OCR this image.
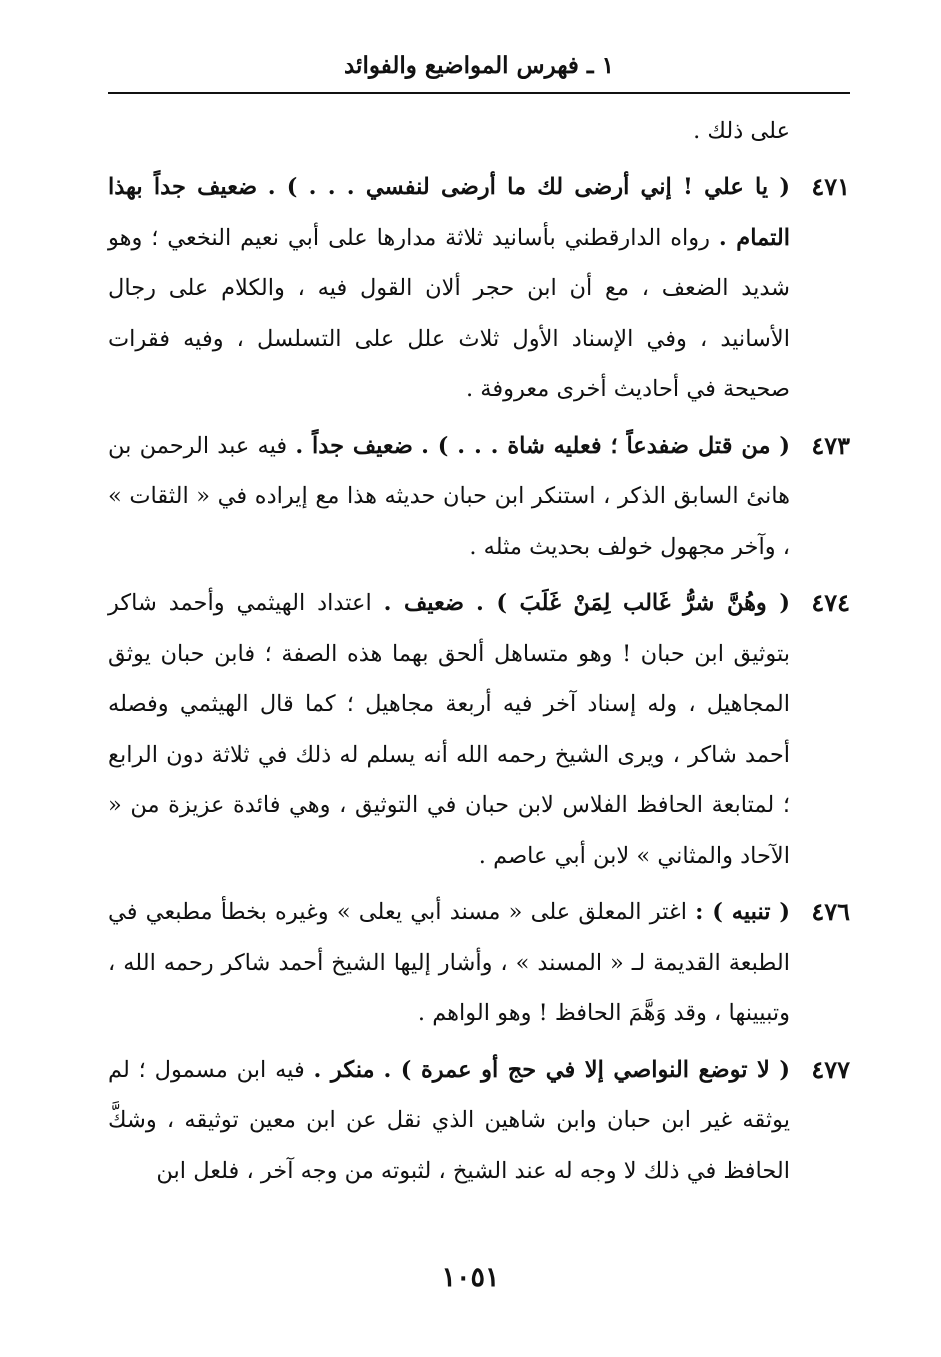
١ ـ فهرس المواضيع والفوائد
على ذلك .
٤٧١
( يا علي ! إني أرضى لك ما أرضى لنفسي . . . ) . ضعيف جداً بهذا التمام . رواه الدارقطني بأسانيد ثلاثة مدارها على أبي نعيم النخعي ؛ وهو شديد الضعف ، مع أن ابن حجر ألان القول فيه ، والكلام على رجال الأسانيد ، وفي الإسناد الأول ثلاث علل على التسلسل ، وفيه فقرات صحيحة في أحاديث أخرى معروفة .
٤٧٣
( من قتل ضفدعاً ؛ فعليه شاة . . . ) . ضعيف جداً . فيه عبد الرحمن بن هانئ السابق الذكر ، استنكر ابن حبان حديثه هذا مع إيراده في « الثقات » ، وآخر مجهول خولف بحديث مثله .
٤٧٤
( وهُنَّ شرُّ غَالب لِمَنْ غَلَبَ ) . ضعيف . اعتداد الهيثمي وأحمد شاكر بتوثيق ابن حبان ! وهو متساهل ألحق بهما هذه الصفة ؛ فابن حبان يوثق المجاهيل ، وله إسناد آخر فيه أربعة مجاهيل ؛ كما قال الهيثمي وفصله أحمد شاكر ، ويرى الشيخ رحمه الله أنه يسلم له ذلك في ثلاثة دون الرابع ؛ لمتابعة الحافظ الفلاس لابن حبان في التوثيق ، وهي فائدة عزيزة من « الآحاد والمثاني » لابن أبي عاصم .
٤٧٦
( تنبيه ) : اغتر المعلق على « مسند أبي يعلى » وغيره بخطأ مطبعي في الطبعة القديمة لـ « المسند » ، وأشار إليها الشيخ أحمد شاكر رحمه الله ، وتبيينها ، وقد وَهَّمَ الحافظ ! وهو الواهم .
٤٧٧
( لا توضع النواصي إلا في حج أو عمرة ) . منكر . فيه ابن مسمول ؛ لم يوثقه غير ابن حبان وابن شاهين الذي نقل عن ابن معين توثيقه ، وشكَّ الحافظ في ذلك لا وجه له عند الشيخ ، لثبوته من وجه آخر ، فلعل ابن
١٠٥١
